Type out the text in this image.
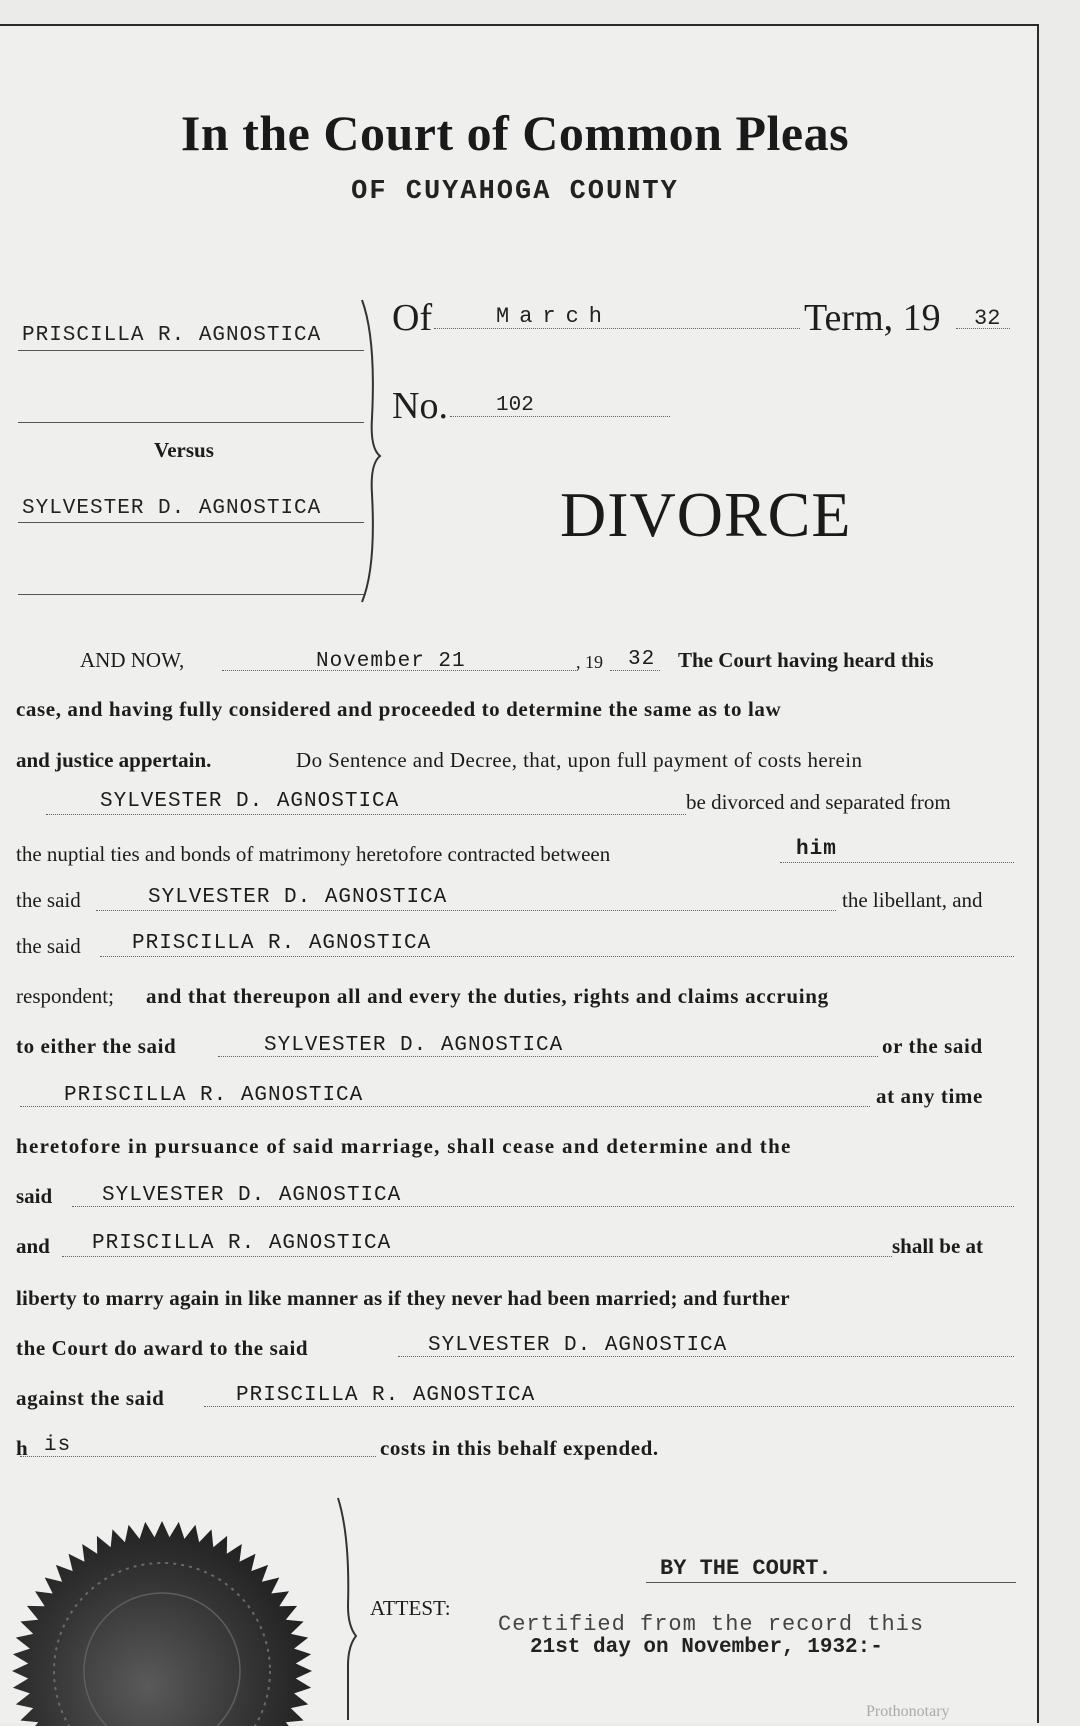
In the Court of Common Pleas
OF CUYAHOGA COUNTY
PRISCILLA R. AGNOSTICA
Versus
SYLVESTER D. AGNOSTICA
Of	March	Term, 19 32
No. 102
DIVORCE
AND NOW,	November 21	, 19 32 The Court having heard this
case, and having fully considered and proceeded to determine the same as to law
and justice appertain.	Do Sentence and Decree, that, upon full payment of costs herein
SYLVESTER D. AGNOSTICA	be divorced and separated from
the nuptial ties and bonds of matrimony heretofore contracted between	him
the said	SYLVESTER D. AGNOSTICA	the libellant, and
the said PRISCILLA R. AGNOSTICA
respondent; and that thereupon all and every the duties, rights and claims accruing
to either the said	SYLVESTER D. AGNOSTICA	or the said
PRISCILLA R. AGNOSTICA	at any time
heretofore in pursuance of said marriage, shall cease and determine and the
said SYLVESTER D. AGNOSTICA
and PRISCILLA R. AGNOSTICA	shall be at
liberty to marry again in like manner as if they never had been married; and further
the Court do award to the said	SYLVESTER D. AGNOSTICA
against the said	PRISCILLA R. AGNOSTICA
h is	costs in this behalf expended.
BY THE COURT.
ATTEST:
Certified from the record this
21st day on November, 1932:-
Prothonotary
